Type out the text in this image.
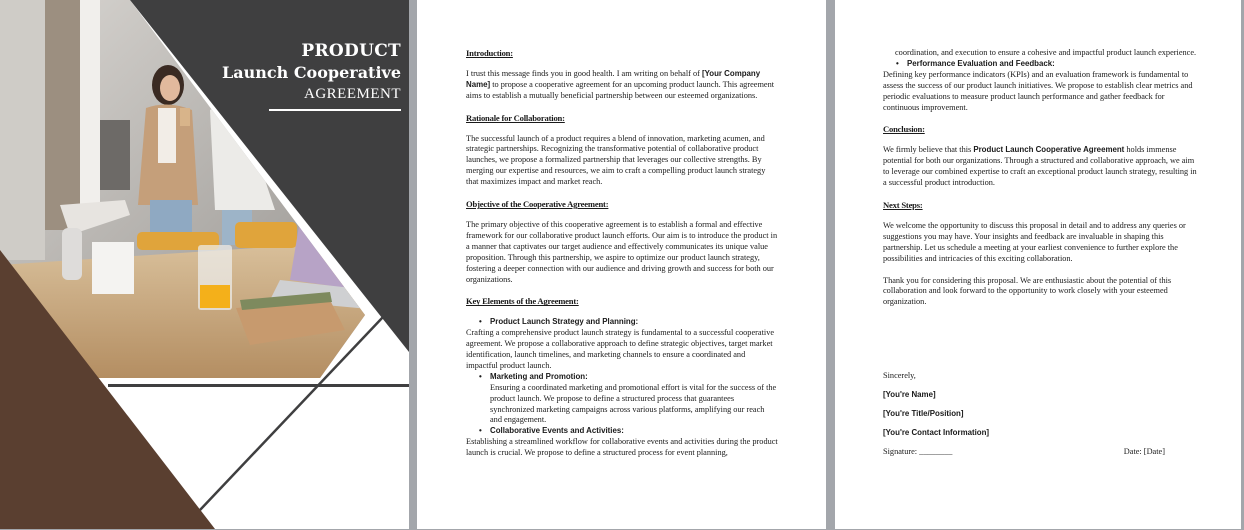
PRODUCT
Launch Cooperative
AGREEMENT
Introduction:

I trust this message finds you in good health. I am writing on behalf of [Your Company Name] to propose a cooperative agreement for an upcoming product launch. This agreement aims to establish a mutually beneficial partnership between our esteemed organizations.

Rationale for Collaboration:

The successful launch of a product requires a blend of innovation, marketing acumen, and strategic partnerships. Recognizing the transformative potential of collaborative product launches, we propose a formalized partnership that leverages our collective strengths. By merging our expertise and resources, we aim to craft a compelling product launch strategy that maximizes impact and market reach.

Objective of the Cooperative Agreement:

The primary objective of this cooperative agreement is to establish a formal and effective framework for our collaborative product launch efforts. Our aim is to introduce the product in a manner that captivates our target audience and effectively communicates its unique value proposition. Through this partnership, we aspire to optimize our product launch strategy, fostering a deeper connection with our audience and driving growth and success for both our organizations.

Key Elements of the Agreement:

• Product Launch Strategy and Planning:

Crafting a comprehensive product launch strategy is fundamental to a successful cooperative agreement. We propose a collaborative approach to define strategic objectives, target market identification, launch timelines, and marketing channels to ensure a coordinated and impactful product launch.

• Marketing and Promotion:

Ensuring a coordinated marketing and promotional effort is vital for the success of the product launch. We propose to define a structured process that guarantees synchronized marketing campaigns across various platforms, amplifying our reach and engagement.

• Collaborative Events and Activities:

Establishing a streamlined workflow for collaborative events and activities during the product launch is crucial. We propose to define a structured process for event planning,

coordination, and execution to ensure a cohesive and impactful product launch experience.

• Performance Evaluation and Feedback:

Defining key performance indicators (KPIs) and an evaluation framework is fundamental to assess the success of our product launch initiatives. We propose to establish clear metrics and periodic evaluations to measure product launch performance and gather feedback for continuous improvement.

Conclusion:

We firmly believe that this Product Launch Cooperative Agreement holds immense potential for both our organizations. Through a structured and collaborative approach, we aim to leverage our combined expertise to craft an exceptional product launch strategy, resulting in a successful product introduction.

Next Steps:

We welcome the opportunity to discuss this proposal in detail and to address any queries or suggestions you may have. Your insights and feedback are invaluable in shaping this partnership. Let us schedule a meeting at your earliest convenience to further explore the possibilities and intricacies of this exciting collaboration.

Thank you for considering this proposal. We are enthusiastic about the potential of this collaboration and look forward to the opportunity to work closely with your esteemed organization.

Sincerely,

[You're Name]

[You're Title/Position]

[You're Contact Information]

Signature: ________	Date: [Date]
